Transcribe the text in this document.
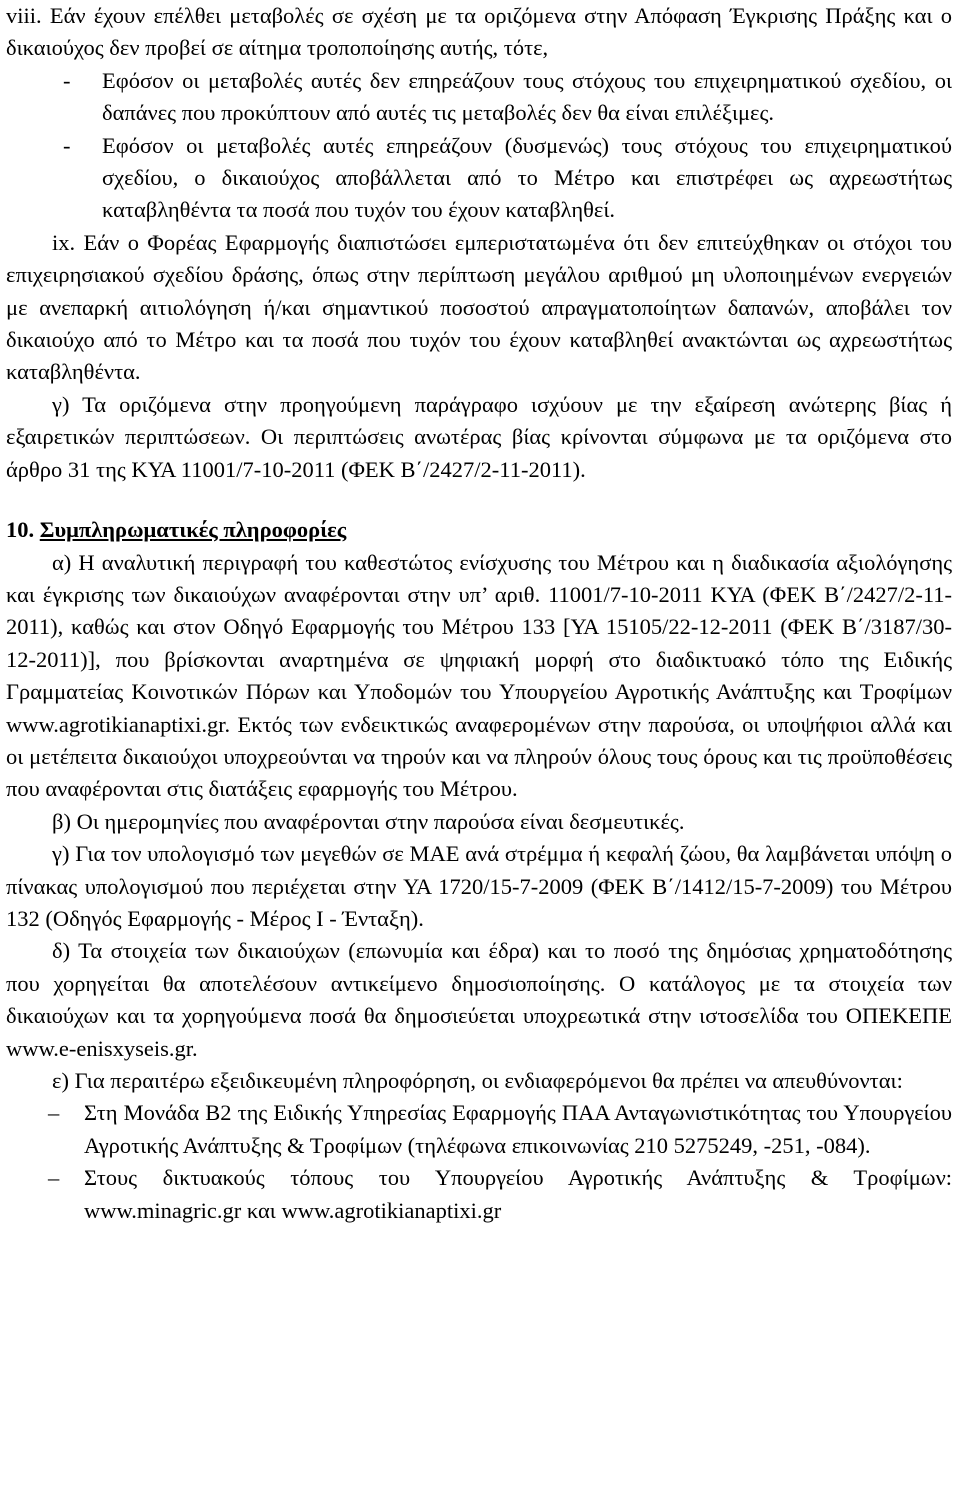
viii. Εάν έχουν επέλθει μεταβολές σε σχέση με τα οριζόμενα στην Απόφαση Έγκρισης Πράξης και ο δικαιούχος δεν προβεί σε αίτημα τροποποίησης αυτής, τότε,

- Εφόσον οι μεταβολές αυτές δεν επηρεάζουν τους στόχους του επιχειρηματικού σχεδίου, οι δαπάνες που προκύπτουν από αυτές τις μεταβολές δεν θα είναι επιλέξιμες.

- Εφόσον οι μεταβολές αυτές επηρεάζουν (δυσμενώς) τους στόχους του επιχειρηματικού σχεδίου, ο δικαιούχος αποβάλλεται από το Μέτρο και επιστρέφει ως αχρεωστήτως καταβληθέντα τα ποσά που τυχόν του έχουν καταβληθεί.

ix. Εάν ο Φορέας Εφαρμογής διαπιστώσει εμπεριστατωμένα ότι δεν επιτεύχθηκαν οι στόχοι του επιχειρησιακού σχεδίου δράσης, όπως στην περίπτωση μεγάλου αριθμού μη υλοποιημένων ενεργειών με ανεπαρκή αιτιολόγηση ή/και σημαντικού ποσοστού απραγματοποίητων δαπανών, αποβάλει τον δικαιούχο από το Μέτρο και τα ποσά που τυχόν του έχουν καταβληθεί ανακτώνται ως αχρεωστήτως καταβληθέντα.

γ) Τα οριζόμενα στην προηγούμενη παράγραφο ισχύουν με την εξαίρεση ανώτερης βίας ή εξαιρετικών περιπτώσεων. Οι περιπτώσεις ανωτέρας βίας κρίνονται σύμφωνα με τα οριζόμενα στο άρθρο 31 της ΚΥΑ 11001/7-10-2011 (ΦΕΚ Β΄/2427/2-11-2011).

10. Συμπληρωματικές πληροφορίες

α) Η αναλυτική περιγραφή του καθεστώτος ενίσχυσης του Μέτρου και η διαδικασία αξιολόγησης και έγκρισης των δικαιούχων αναφέρονται στην υπ’ αριθ. 11001/7-10-2011 ΚΥΑ (ΦΕΚ Β΄/2427/2-11-2011), καθώς και στον Οδηγό Εφαρμογής του Μέτρου 133 [ΥΑ 15105/22-12-2011 (ΦΕΚ Β΄/3187/30-12-2011)], που βρίσκονται αναρτημένα σε ψηφιακή μορφή στο διαδικτυακό τόπο της Ειδικής Γραμματείας Κοινοτικών Πόρων και Υποδομών του Υπουργείου Αγροτικής Ανάπτυξης και Τροφίμων www.agrotikianaptixi.gr. Εκτός των ενδεικτικώς αναφερομένων στην παρούσα, οι υποψήφιοι αλλά και οι μετέπειτα δικαιούχοι υποχρεούνται να τηρούν και να πληρούν όλους τους όρους και τις προϋποθέσεις που αναφέρονται στις διατάξεις εφαρμογής του Μέτρου.

β) Οι ημερομηνίες που αναφέρονται στην παρούσα είναι δεσμευτικές.

γ) Για τον υπολογισμό των μεγεθών σε ΜΑΕ ανά στρέμμα ή κεφαλή ζώου, θα λαμβάνεται υπόψη ο πίνακας υπολογισμού που περιέχεται στην ΥΑ 1720/15-7-2009 (ΦΕΚ Β΄/1412/15-7-2009) του Μέτρου 132 (Οδηγός Εφαρμογής - Μέρος Ι - Ένταξη).

δ) Τα στοιχεία των δικαιούχων (επωνυμία και έδρα) και το ποσό της δημόσιας χρηματοδότησης που χορηγείται θα αποτελέσουν αντικείμενο δημοσιοποίησης. Ο κατάλογος με τα στοιχεία των δικαιούχων και τα χορηγούμενα ποσά θα δημοσιεύεται υποχρεωτικά στην ιστοσελίδα του ΟΠΕΚΕΠΕ www.e-enisxyseis.gr.

ε) Για περαιτέρω εξειδικευμένη πληροφόρηση, οι ενδιαφερόμενοι θα πρέπει να απευθύνονται:

– Στη Μονάδα Β2 της Ειδικής Υπηρεσίας Εφαρμογής ΠΑΑ Ανταγωνιστικότητας του Υπουργείου Αγροτικής Ανάπτυξης & Τροφίμων (τηλέφωνα επικοινωνίας 210 5275249, -251, -084).

– Στους δικτυακούς τόπους του Υπουργείου Αγροτικής Ανάπτυξης & Τροφίμων: www.minagric.gr και www.agrotikianaptixi.gr
